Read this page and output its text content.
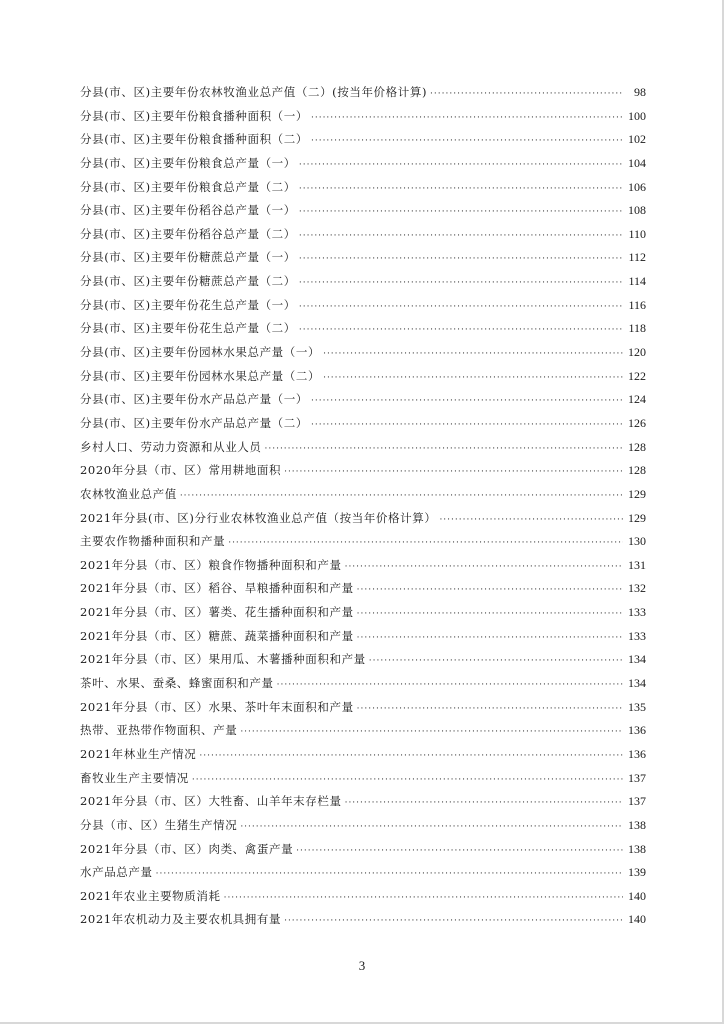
分县(市、区)主要年份农林牧渔业总产值（二）(按当年价格计算) ·····	98
分县(市、区)主要年份粮食播种面积（一） ·····	100
分县(市、区)主要年份粮食播种面积（二） ·····	102
分县(市、区)主要年份粮食总产量（一） ·····	104
分县(市、区)主要年份粮食总产量（二） ·····	106
分县(市、区)主要年份稻谷总产量（一） ·····	108
分县(市、区)主要年份稻谷总产量（二） ·····	110
分县(市、区)主要年份糖蔗总产量（一） ·····	112
分县(市、区)主要年份糖蔗总产量（二） ·····	114
分县(市、区)主要年份花生总产量（一） ·····	116
分县(市、区)主要年份花生总产量（二） ·····	118
分县(市、区)主要年份园林水果总产量（一） ·····	120
分县(市、区)主要年份园林水果总产量（二） ·····	122
分县(市、区)主要年份水产品总产量（一） ·····	124
分县(市、区)主要年份水产品总产量（二） ·····	126
乡村人口、劳动力资源和从业人员 ·····	128
2020年分县（市、区）常用耕地面积 ·····	128
农林牧渔业总产值 ·····	129
2021年分县(市、区)分行业农林牧渔业总产值（按当年价格计算） ·····	129
主要农作物播种面积和产量 ·····	130
2021年分县（市、区）粮食作物播种面积和产量 ·····	131
2021年分县（市、区）稻谷、旱粮播种面积和产量 ·····	132
2021年分县（市、区）薯类、花生播种面积和产量 ·····	133
2021年分县（市、区）糖蔗、蔬菜播种面积和产量 ·····	133
2021年分县（市、区）果用瓜、木薯播种面积和产量 ·····	134
茶叶、水果、蚕桑、蜂蜜面积和产量 ·····	134
2021年分县（市、区）水果、茶叶年末面积和产量 ·····	135
热带、亚热带作物面积、产量 ·····	136
2021年林业生产情况 ·····	136
畜牧业生产主要情况 ·····	137
2021年分县（市、区）大牲畜、山羊年末存栏量 ·····	137
分县（市、区）生猪生产情况 ·····	138
2021年分县（市、区）肉类、禽蛋产量 ·····	138
水产品总产量 ·····	139
2021年农业主要物质消耗 ·····	140
2021年农机动力及主要农机具拥有量 ·····	140
3
